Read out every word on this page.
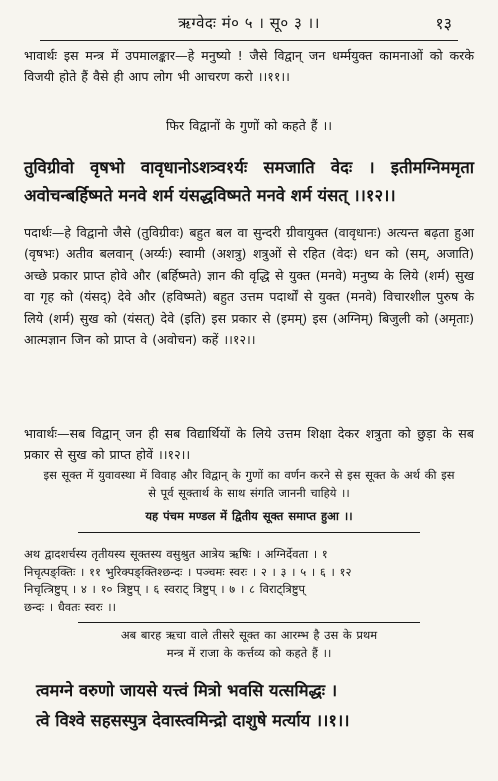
ऋग्वेदः मं० ५ । सू० ३ ।।	१३

भावार्थः इस मन्त्र में उपमालङ्कार—हे मनुष्यो ! जैसे विद्वान् जन धर्म्मयुक्त कामनाओं को करके विजयी होते हैं वैसे ही आप लोग भी आचरण करो ।।११।।

फिर विद्वानों के गुणों को कहते हैं ।।

तुविग्रीवो वृषभो वावृधानोऽशत्र्व१र्यः समजाति वेदः । इतीमग्निममृता अवोचन्बर्हिष्मते मनवे शर्म यंसद्धविष्मते मनवे शर्म यंसत् ।।१२।।

पदार्थः—हे विद्वानो जैसे (तुविग्रीवः) बहुत बल वा सुन्दरी ग्रीवायुक्त (वावृधानः) अत्यन्त बढ़ता हुआ (वृषभः) अतीव बलवान् (अर्य्यः) स्वामी (अशत्रु) शत्रुओं से रहित (वेदः) धन को (सम्, अजाति) अच्छे प्रकार प्राप्त होवे और (बर्हिष्मते) ज्ञान की वृद्धि से युक्त (मनवे) मनुष्य के लिये (शर्म) सुख वा गृह को (यंसद्) देवे और (हविष्मते) बहुत उत्तम पदार्थों से युक्त (मनवे) विचारशील पुरुष के लिये (शर्म) सुख को (यंसत्) देवे (इति) इस प्रकार से (इमम्) इस (अग्निम्) बिजुली को (अमृताः) आत्मज्ञान जिन को प्राप्त वे (अवोचन) कहें ।।१२।।

भावार्थः—सब विद्वान् जन ही सब विद्यार्थियों के लिये उत्तम शिक्षा देकर शत्रुता को छुड़ा के सब प्रकार से सुख को प्राप्त होवें ।।१२।।

इस सूक्त में युवावस्था में विवाह और विद्वान् के गुणों का वर्णन करने से इस सूक्त के अर्थ की इस से पूर्व सूक्तार्थ के साथ संगति जाननी चाहिये ।।

यह पंचम मण्डल में द्वितीय सूक्त समाप्त हुआ ।।

अथ द्वादशर्चस्य तृतीयस्य सूक्तस्य वसुश्रुत आत्रेय ऋषिः । अग्निर्देवता । १

निचृत्पङ्क्तिः । ११ भुरिक्पङ्क्तिश्छन्दः । पञ्चमः स्वरः । २ । ३ । ५ । ६ । १२

निचृत्त्रिष्टुप् । ४ । १० त्रिष्टुप् । ६ स्वराट् त्रिष्टुप् । ७ । ८ विराट्त्रिष्टुप्

छन्दः । धैवतः स्वरः ।।

अब बारह ऋचा वाले तीसरे सूक्त का आरम्भ है उस के प्रथम

मन्त्र में राजा के कर्त्तव्य को कहते हैं ।।

त्वमग्ने वरुणो जायसे यत्त्वं मित्रो भवसि यत्समिद्धः ।

त्वे विश्वे सहसस्पुत्र देवास्त्वमिन्द्रो दाशुषे मर्त्याय ।।१।।
